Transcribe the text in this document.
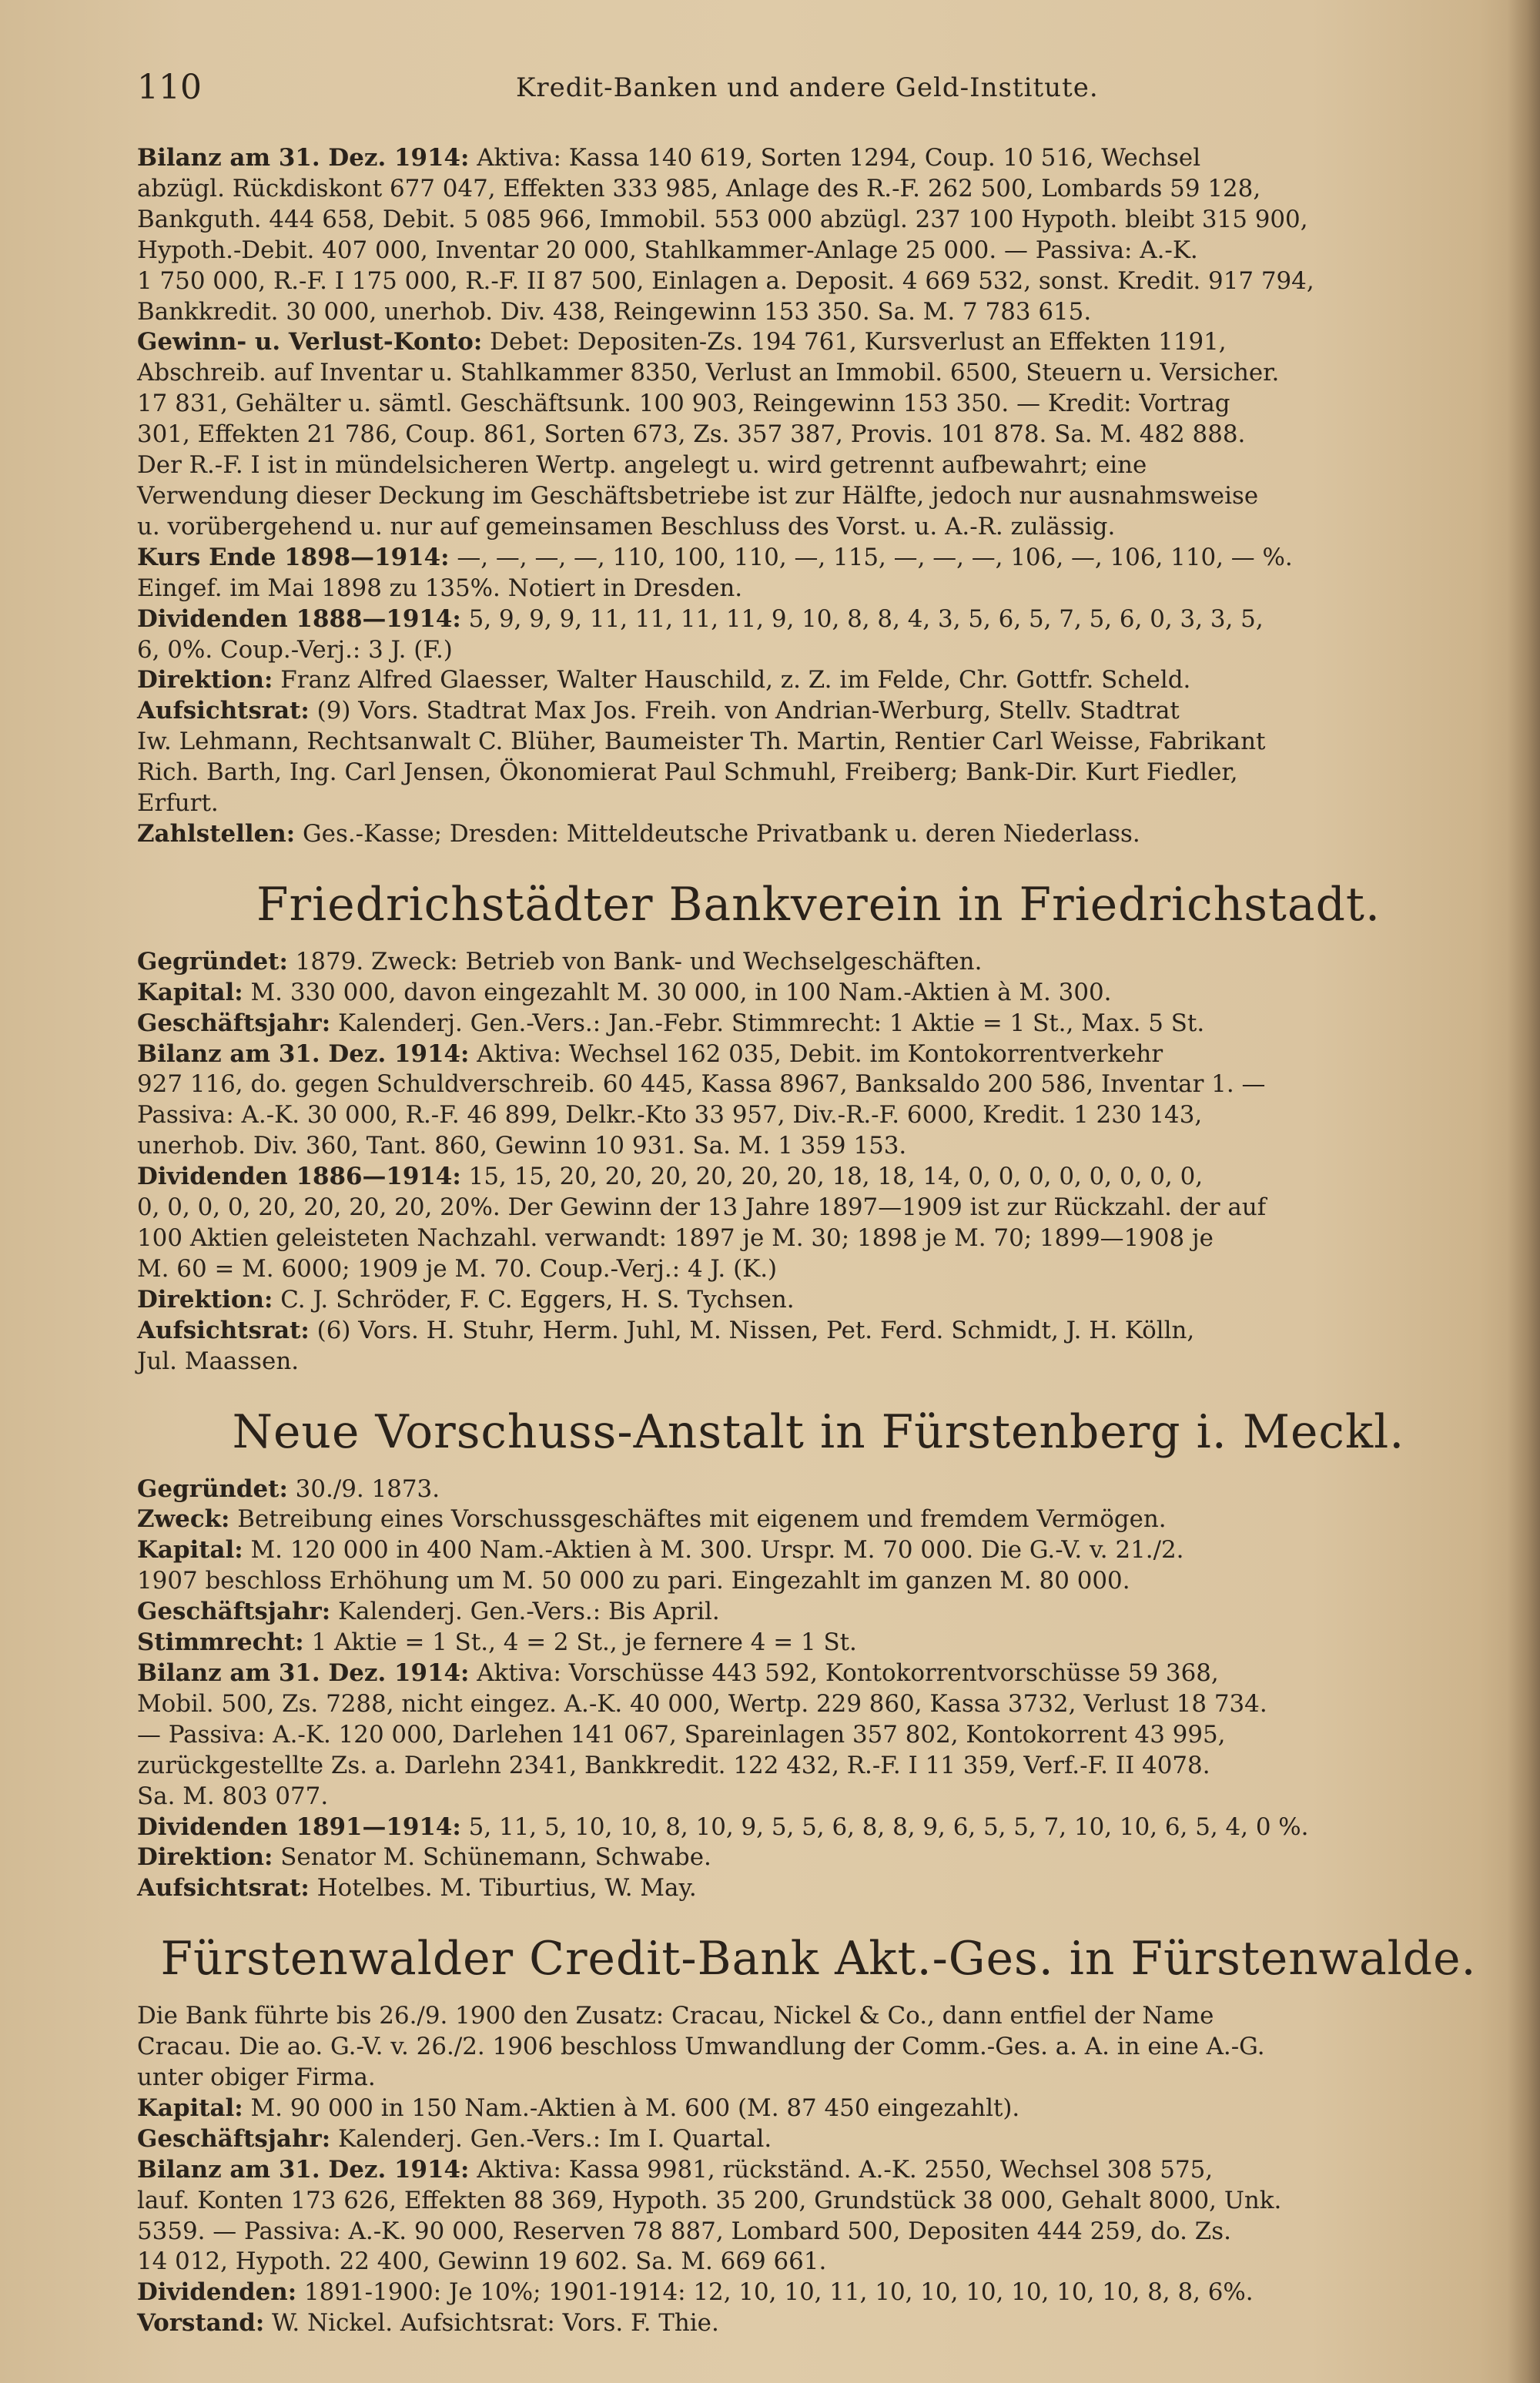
110	Kredit-Banken und andere Geld-Institute.
Bilanz am 31. Dez. 1914: Aktiva: Kassa 140 619, Sorten 1294, Coup. 10 516, Wechsel
abzügl. Rückdiskont 677 047, Effekten 333 985, Anlage des R.-F. 262 500, Lombards 59 128,
Bankguth. 444 658, Debit. 5 085 966, Immobil. 553 000 abzügl. 237 100 Hypoth. bleibt 315 900,
Hypoth.-Debit. 407 000, Inventar 20 000, Stahlkammer-Anlage 25 000. — Passiva: A.-K.
1 750 000, R.-F. I 175 000, R.-F. II 87 500, Einlagen a. Deposit. 4 669 532, sonst. Kredit. 917 794,
Bankkredit. 30 000, unerhob. Div. 438, Reingewinn 153 350. Sa. M. 7 783 615.
Gewinn- u. Verlust-Konto: Debet: Depositen-Zs. 194 761, Kursverlust an Effekten 1191,
Abschreib. auf Inventar u. Stahlkammer 8350, Verlust an Immobil. 6500, Steuern u. Versicher.
17 831, Gehälter u. sämtl. Geschäftsunk. 100 903, Reingewinn 153 350. — Kredit: Vortrag
301, Effekten 21 786, Coup. 861, Sorten 673, Zs. 357 387, Provis. 101 878. Sa. M. 482 888.
Der R.-F. I ist in mündelsicheren Wertp. angelegt u. wird getrennt aufbewahrt; eine
Verwendung dieser Deckung im Geschäftsbetriebe ist zur Hälfte, jedoch nur ausnahmsweise
u. vorübergehend u. nur auf gemeinsamen Beschluss des Vorst. u. A.-R. zulässig.
Kurs Ende 1898—1914: —, —, —, —, 110, 100, 110, —, 115, —, —, —, 106, —, 106, 110, — %.
Eingef. im Mai 1898 zu 135%. Notiert in Dresden.
Dividenden 1888—1914: 5, 9, 9, 9, 11, 11, 11, 11, 9, 10, 8, 8, 4, 3, 5, 6, 5, 7, 5, 6, 0, 3, 3, 5,
6, 0%. Coup.-Verj.: 3 J. (F.)
Direktion: Franz Alfred Glaesser, Walter Hauschild, z. Z. im Felde, Chr. Gottfr. Scheld.
Aufsichtsrat: (9) Vors. Stadtrat Max Jos. Freih. von Andrian-Werburg, Stellv. Stadtrat
Iw. Lehmann, Rechtsanwalt C. Blüher, Baumeister Th. Martin, Rentier Carl Weisse, Fabrikant
Rich. Barth, Ing. Carl Jensen, Ökonomierat Paul Schmuhl, Freiberg; Bank-Dir. Kurt Fiedler,
Erfurt.
Zahlstellen: Ges.-Kasse; Dresden: Mitteldeutsche Privatbank u. deren Niederlass.
Friedrichstädter Bankverein in Friedrichstadt.
Gegründet: 1879. Zweck: Betrieb von Bank- und Wechselgeschäften.
Kapital: M. 330 000, davon eingezahlt M. 30 000, in 100 Nam.-Aktien à M. 300.
Geschäftsjahr: Kalenderj. Gen.-Vers.: Jan.-Febr. Stimmrecht: 1 Aktie = 1 St., Max. 5 St.
Bilanz am 31. Dez. 1914: Aktiva: Wechsel 162 035, Debit. im Kontokorrentverkehr
927 116, do. gegen Schuldverschreib. 60 445, Kassa 8967, Banksaldo 200 586, Inventar 1. —
Passiva: A.-K. 30 000, R.-F. 46 899, Delkr.-Kto 33 957, Div.-R.-F. 6000, Kredit. 1 230 143,
unerhob. Div. 360, Tant. 860, Gewinn 10 931. Sa. M. 1 359 153.
Dividenden 1886—1914: 15, 15, 20, 20, 20, 20, 20, 20, 18, 18, 14, 0, 0, 0, 0, 0, 0, 0, 0,
0, 0, 0, 0, 20, 20, 20, 20, 20%. Der Gewinn der 13 Jahre 1897—1909 ist zur Rückzahl. der auf
100 Aktien geleisteten Nachzahl. verwandt: 1897 je M. 30; 1898 je M. 70; 1899—1908 je
M. 60 = M. 6000; 1909 je M. 70. Coup.-Verj.: 4 J. (K.)
Direktion: C. J. Schröder, F. C. Eggers, H. S. Tychsen.
Aufsichtsrat: (6) Vors. H. Stuhr, Herm. Juhl, M. Nissen, Pet. Ferd. Schmidt, J. H. Kölln,
Jul. Maassen.
Neue Vorschuss-Anstalt in Fürstenberg i. Meckl.
Gegründet: 30./9. 1873.
Zweck: Betreibung eines Vorschussgeschäftes mit eigenem und fremdem Vermögen.
Kapital: M. 120 000 in 400 Nam.-Aktien à M. 300. Urspr. M. 70 000. Die G.-V. v. 21./2.
1907 beschloss Erhöhung um M. 50 000 zu pari. Eingezahlt im ganzen M. 80 000.
Geschäftsjahr: Kalenderj. Gen.-Vers.: Bis April.
Stimmrecht: 1 Aktie = 1 St., 4 = 2 St., je fernere 4 = 1 St.
Bilanz am 31. Dez. 1914: Aktiva: Vorschüsse 443 592, Kontokorrentvorschüsse 59 368,
Mobil. 500, Zs. 7288, nicht eingez. A.-K. 40 000, Wertp. 229 860, Kassa 3732, Verlust 18 734.
— Passiva: A.-K. 120 000, Darlehen 141 067, Spareinlagen 357 802, Kontokorrent 43 995,
zurückgestellte Zs. a. Darlehn 2341, Bankkredit. 122 432, R.-F. I 11 359, Verf.-F. II 4078.
Sa. M. 803 077.
Dividenden 1891—1914: 5, 11, 5, 10, 10, 8, 10, 9, 5, 5, 6, 8, 8, 9, 6, 5, 5, 7, 10, 10, 6, 5, 4, 0 %.
Direktion: Senator M. Schünemann, Schwabe.
Aufsichtsrat: Hotelbes. M. Tiburtius, W. May.
Fürstenwalder Credit-Bank Akt.-Ges. in Fürstenwalde.
Die Bank führte bis 26./9. 1900 den Zusatz: Cracau, Nickel & Co., dann entfiel der Name
Cracau. Die ao. G.-V. v. 26./2. 1906 beschloss Umwandlung der Comm.-Ges. a. A. in eine A.-G.
unter obiger Firma.
Kapital: M. 90 000 in 150 Nam.-Aktien à M. 600 (M. 87 450 eingezahlt).
Geschäftsjahr: Kalenderj. Gen.-Vers.: Im I. Quartal.
Bilanz am 31. Dez. 1914: Aktiva: Kassa 9981, rückständ. A.-K. 2550, Wechsel 308 575,
lauf. Konten 173 626, Effekten 88 369, Hypoth. 35 200, Grundstück 38 000, Gehalt 8000, Unk.
5359. — Passiva: A.-K. 90 000, Reserven 78 887, Lombard 500, Depositen 444 259, do. Zs.
14 012, Hypoth. 22 400, Gewinn 19 602. Sa. M. 669 661.
Dividenden: 1891-1900: Je 10%; 1901-1914: 12, 10, 10, 11, 10, 10, 10, 10, 10, 10, 8, 8, 6%.
Vorstand: W. Nickel. Aufsichtsrat: Vors. F. Thie.
